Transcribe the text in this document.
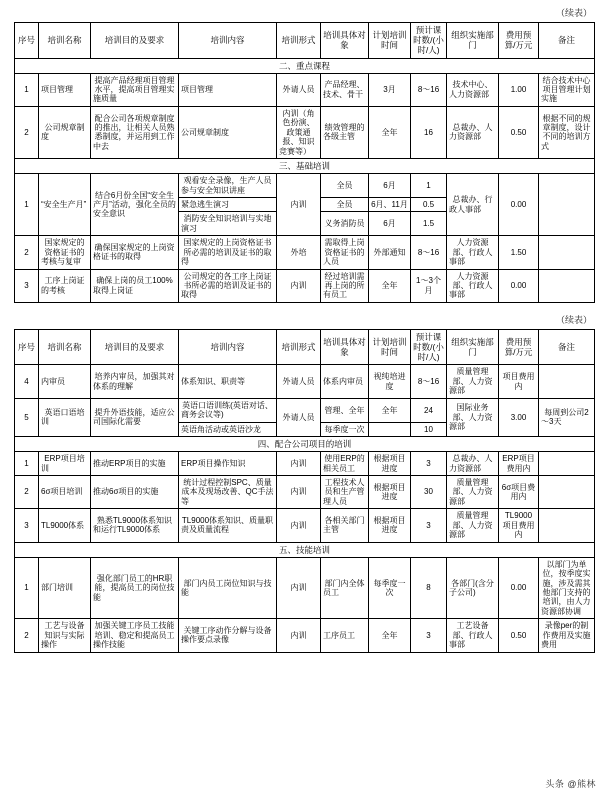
（续表）
序号	培训名称	培训目的及要求	培训内容	培训形式	培训具体对象	计划培训时间	预计课时数/(小时/人)	组织实施部门	费用预算/万元	备注
二、重点课程										
1	项目管理	提高产品经理项目管理水平，提高项目管理实施质量	项目管理	外请人员	产品经理、技术、骨干	3月	8～16	技术中心、人力资源部	1.00	结合技术中心项目管理计划实施
2	公司规章制度	配合公司各项规章制度的推出，让相关人员熟悉制度，并运用到工作中去	公司规章制度	内训（角色扮演、政策通报、知识竞赛等）	绩效管理的各级主管	全年	16	总裁办、人力资源部	0.50	根据不同的规章制度，设计不同的培训方式
三、基础培训										
1	“安全生产月”	结合6月份全国“安全生产月”活动，强化全员的安全意识	观看安全录像，生产人员参与安全知识讲座	内训	全员	6月	1	总裁办、行政人事部	0.00	
			紧急逃生演习		全员	6月、11月	0.5			
			消防安全知识培训与实地演习		义务消防员	6月	1.5			
2	国家规定的资格证书的考核与复审	确保国家规定的上岗资格证书的取得	国家规定的上岗资格证书所必需的培训及证书的取得	外培	需取得上岗资格证书的人员	外部通知	8～16	人力资源部、行政人事部	1.50	
3	工序上岗证的考核	确保上岗的员工100%取得上岗证	公司规定的各工序上岗证书所必需的培训及证书的取得	内训	经过培训需再上岗的所有员工	全年	1～3个月	人力资源部、行政人事部	0.00	
（续表）
序号	培训名称	培训目的及要求	培训内容	培训形式	培训具体对象	计划培训时间	预计课时数/(小时/人)	组织实施部门	费用预算/万元	备注
4	内审员	培养内审员，加强其对体系的理解	体系知识、职责等	外请人员	体系内审员	视纯培进度	8～16	质量管理部、人力资源部	项目费用内	
5	英语口语培训	提升外语技能，适应公司国际化需要	英语口语训练(英语对话、商务会议等)	外请人员	管理、全年	全年	24	国际业务部、人力资源部	3.00	每周到公司2～3天
			英语角活动或英语沙龙		每季度一次		10			
四、配合公司项目的培训										
1	ERP项目培训	推动ERP项目的实施	ERP项目操作知识	内训	使用ERP的相关员工	根据项目进度	3	总裁办、人力资源部	ERP项目费用内	
2	6σ项目培训	推动6σ项目的实施	统计过程控制SPC、质量成本及现场改善、QC手法等	内训	工程技术人员和生产管理人员	根据项目进度	30	质量管理部、人力资源部	6σ项目费用内	
3	TL9000体系	熟悉TL9000体系知识和运行TL9000体系	TL9000体系知识、质量职责及质量流程	内训	各相关部门主管	根据项目进度	3	质量管理部、人力资源部	TL9000项目费用内	
五、技能培训										
1	部门培训	强化部门员工的HR职能，提高员工的岗位技能	部门内员工岗位知识与技能	内训	部门内全体员工	每季度一次	8	各部门(含分子公司)	0.00	以部门为单位，按季度实施，涉及需其他部门支持的培训，由人力资源部协调
2	工艺与设备知识与实际操作	加强关键工序员工技能培训、稳定和提高员工操作技能	关键工序动作分解与设备操作要点录像	内训	工序员工	全年	3	工艺设备部、行政人事部	0.50	录像per的制作费用及实施费用
头条 @熊林
